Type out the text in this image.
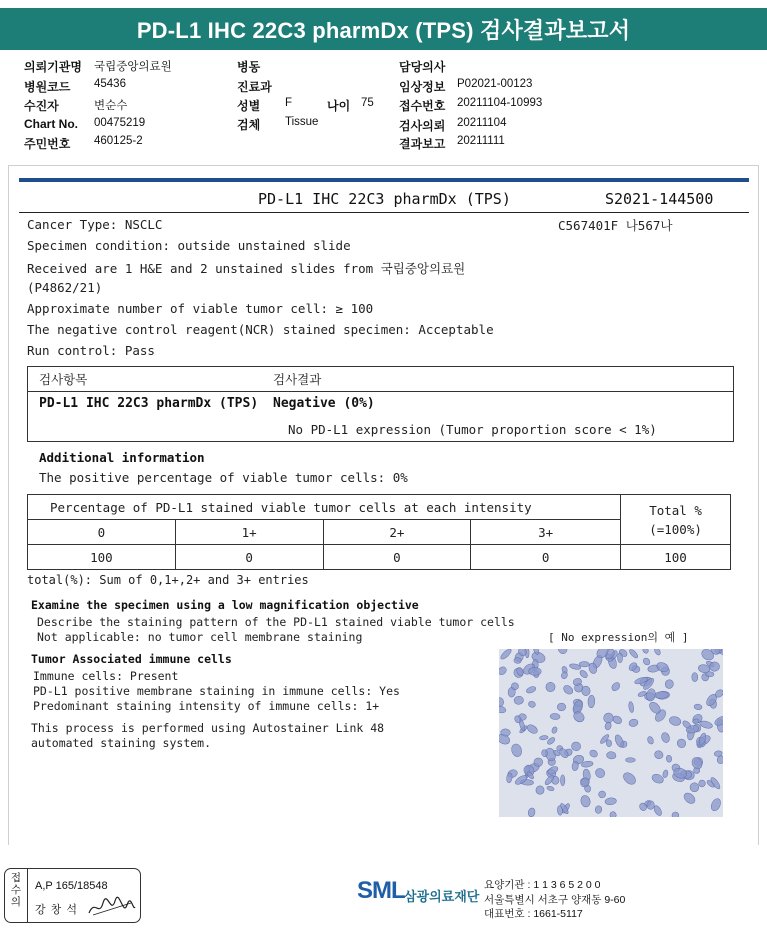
PD-L1 IHC 22C3 pharmDx (TPS) 검사결과보고서
의뢰기관명 국립중앙의료원
병원코드 45436
수진자	변순수
Chart No. 00475219
주민번호 460125-2
병동
진료과
성별 F	나이 75
검체 Tissue
담당의사
임상정보 P02021-00123
접수번호 20211104-10993
검사의뢰 20211104
결과보고 20211111
PD-L1 IHC 22C3 pharmDx (TPS)	S2021-144500
C567401F 나567나
Cancer Type: NSCLC
Specimen condition: outside unstained slide
Received are 1 H&E and 2 unstained slides from 국립중앙의료원
(P4862/21)
Approximate number of viable tumor cell: ≥ 100
The negative control reagent(NCR) stained specimen: Acceptable
Run control: Pass
검사항목	검사결과
PD-L1 IHC 22C3 pharmDx (TPS) Negative (0%)
No PD-L1 expression (Tumor proportion score < 1%)
Additional information
The positive percentage of viable tumor cells: 0%
Percentage of PD-L1 stained viable tumor cells at each intensity				Total %
(=100%)
0	1+	2+	3+	
100	0	0	0	100
total(%): Sum of 0,1+,2+ and 3+ entries
Examine the specimen using a low magnification objective
Describe the staining pattern of the PD-L1 stained viable tumor cells
Not applicable: no tumor cell membrane staining	[ No expression의 예 ]
Tumor Associated immune cells
Immune cells: Present
PD-L1 positive membrane staining in immune cells: Yes
Predominant staining intensity of immune cells: 1+
This process is performed using Autostainer Link 48
automated staining system.
접
수
의
A,P 165/18548
강 창 석
SML 삼광의료재단
요양기관 : 1 1 3 6 5 2 0 0
서울특별시 서초구 양재동 9-60
대표번호 : 1661-5117
